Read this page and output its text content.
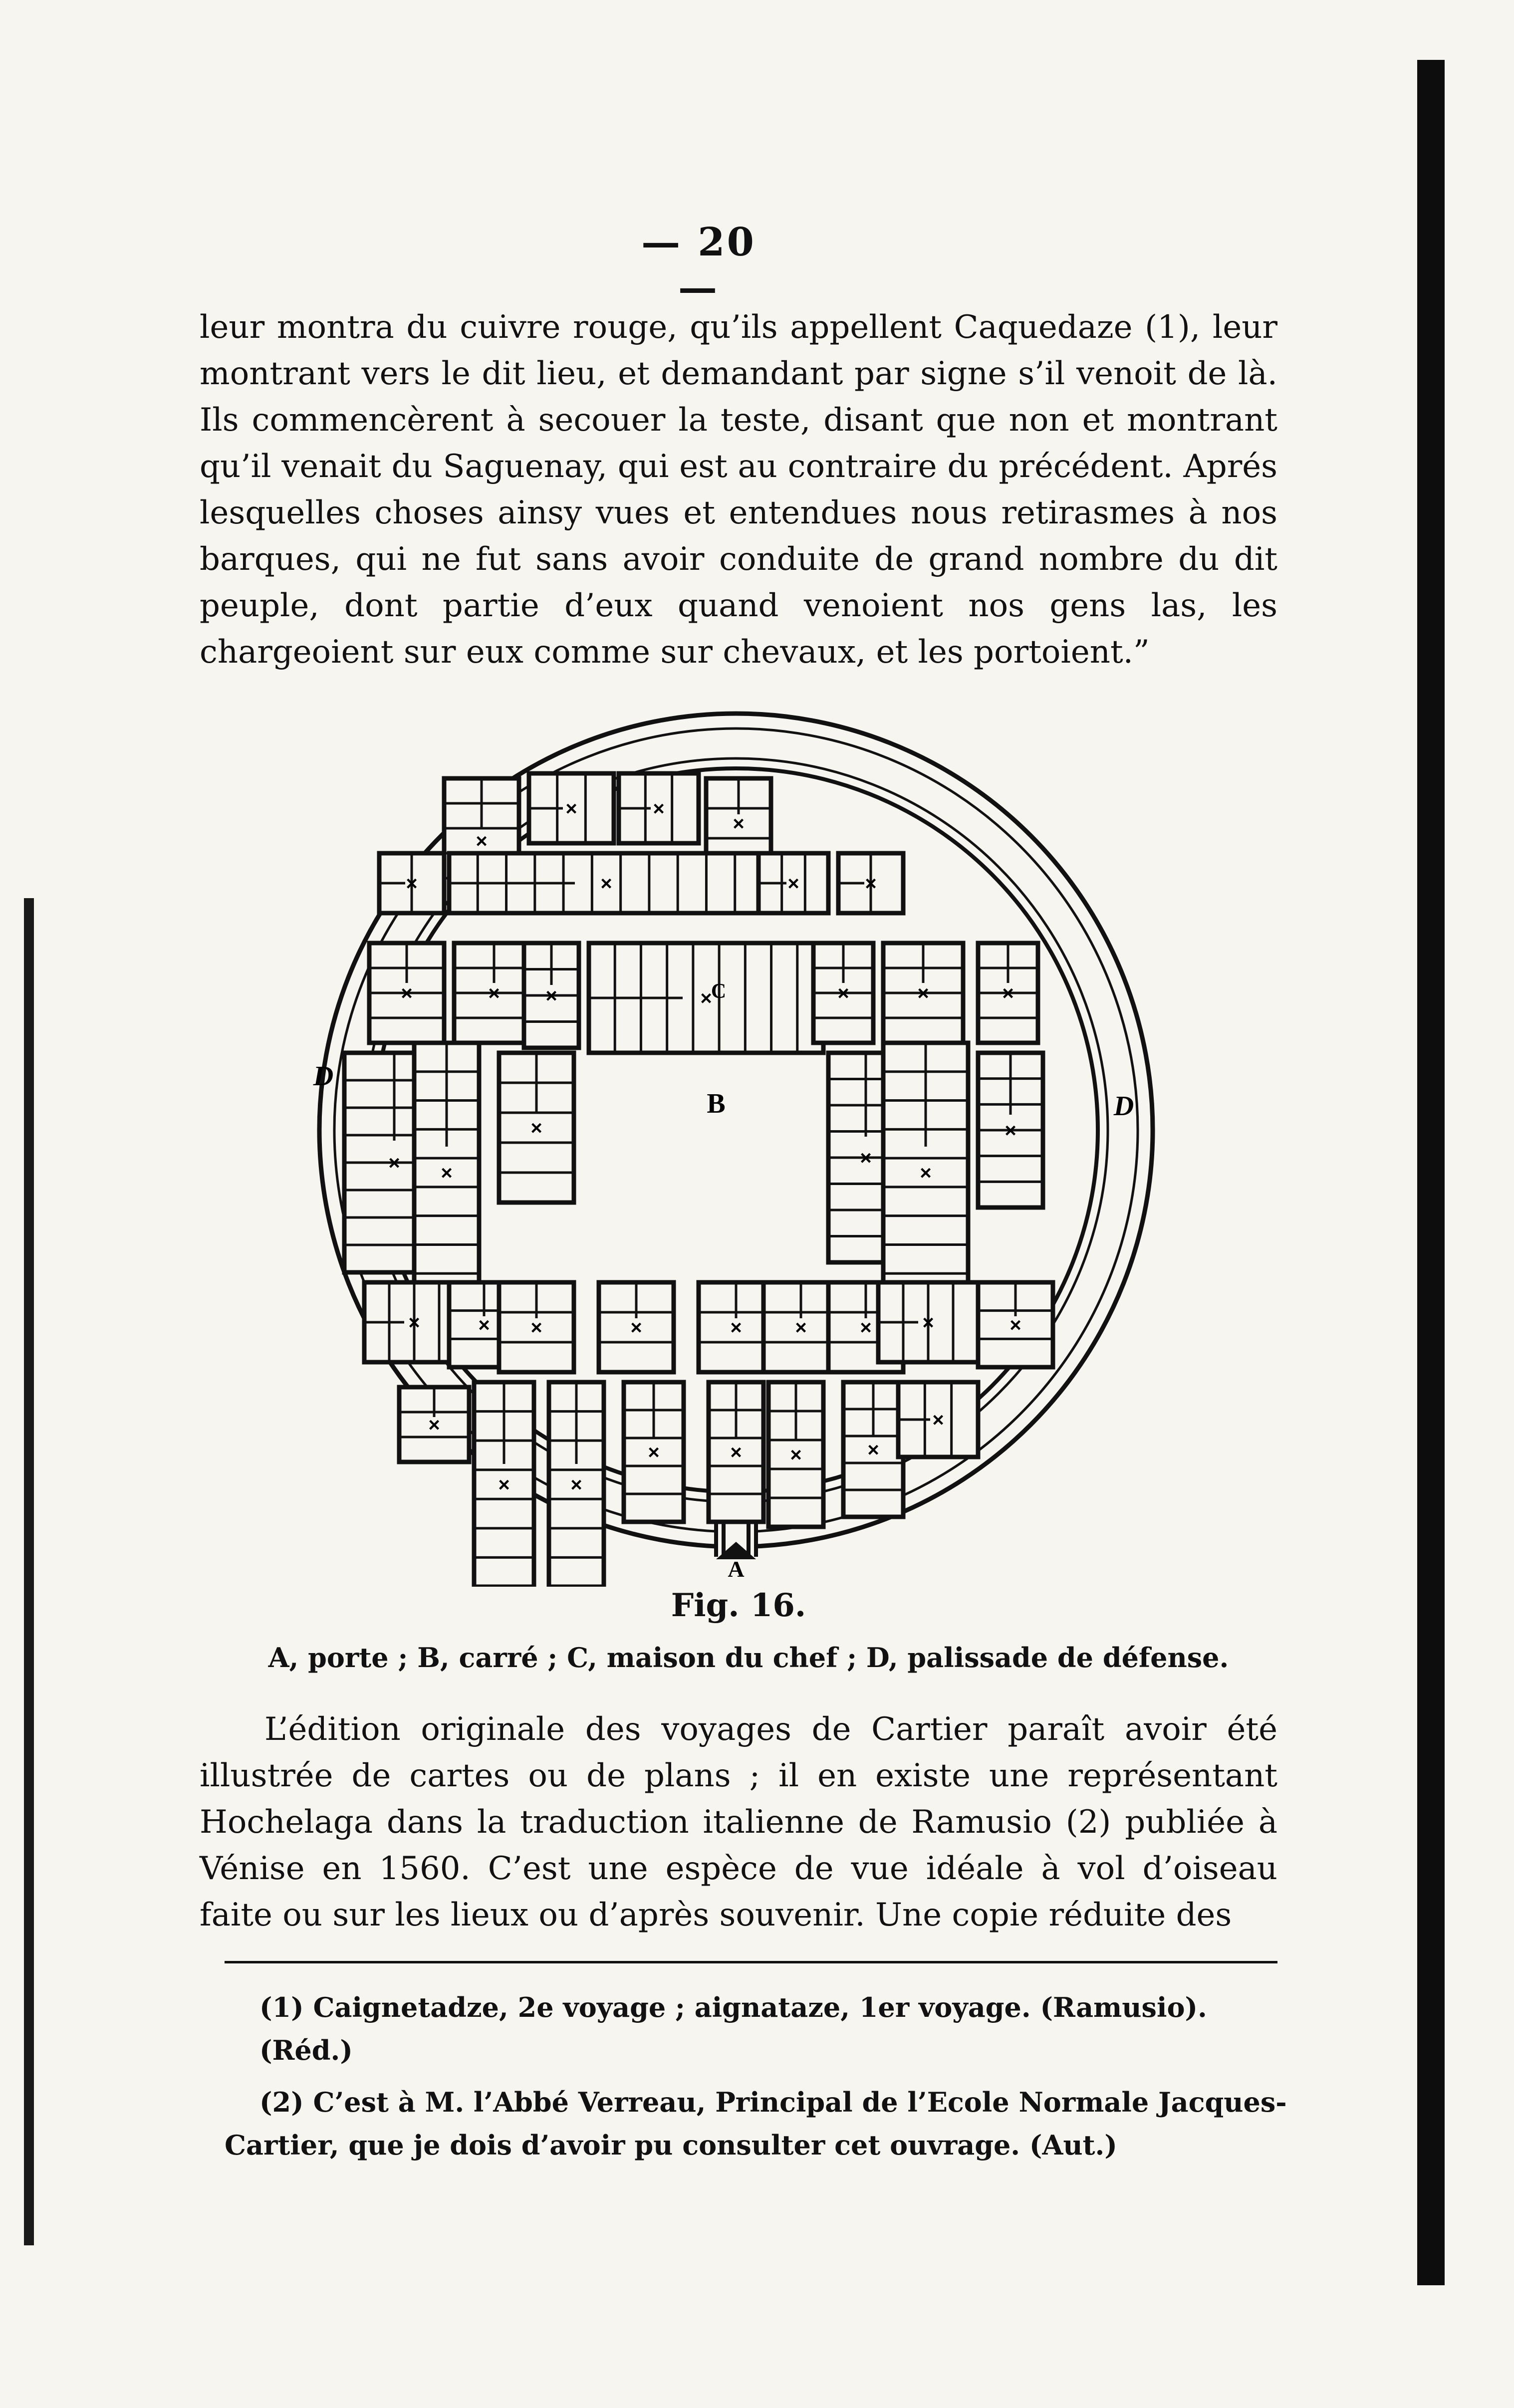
— 20 —

leur montra du cuivre rouge, qu’ils appellent Caquedaze (1), leur montrant vers le dit lieu, et demandant par signe s’il venoit de là. Ils commencèrent à secouer la teste, disant que non et montrant qu’il venait du Saguenay, qui est au contraire du précédent. Aprés lesquelles choses ainsy vues et entendues nous retirasmes à nos barques, qui ne fut sans avoir conduite de grand nombre du dit peuple, dont partie d’eux quand venoient nos gens las, les chargeoient sur eux comme sur chevaux, et les portoient.”

×
×	×
×
×	×	×	×
×	× ×	×	×	×	×
× ×
×
×
×
×
×	× ×	×	×	×	×	×	×
×
×	×
×	× ×	×
×
A
B
C
D
D
Fig. 16.
A, porte ; B, carré ; C, maison du chef ; D, palissade de défense.

L’édition originale des voyages de Cartier paraît avoir été illustrée de cartes ou de plans ; il en existe une représentant Hochelaga dans la traduction italienne de Ramusio (2) publiée à Vénise en 1560. C’est une espèce de vue idéale à vol d’oiseau faite ou sur les lieux ou d’après souvenir. Une copie réduite des

(1) Caignetadze, 2e voyage ; aignataze, 1er voyage. (Ramusio). (Réd.)

(2) C’est à M. l’Abbé Verreau, Principal de l’Ecole Normale Jacques-Cartier, que je dois d’avoir pu consulter cet ouvrage. (Aut.)
